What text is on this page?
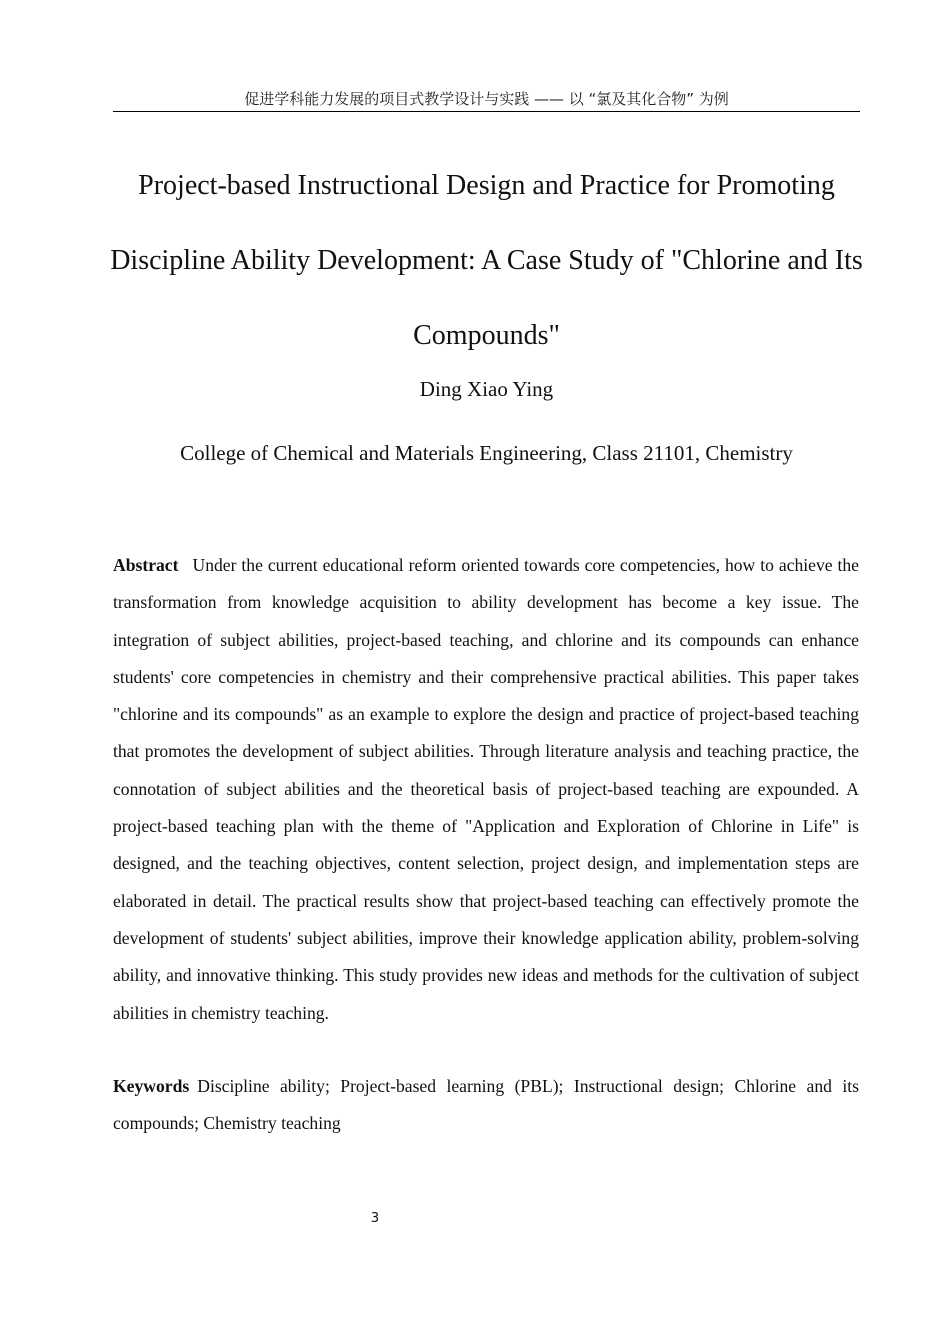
促进学科能力发展的项目式教学设计与实践 —— 以 “氯及其化合物” 为例
Project-based Instructional Design and Practice for Promoting Discipline Ability Development: A Case Study of "Chlorine and Its Compounds"
Ding Xiao Ying
College of Chemical and Materials Engineering, Class 21101, Chemistry

Abstract Under the current educational reform oriented towards core competencies, how to achieve the transformation from knowledge acquisition to ability development has become a key issue. The integration of subject abilities, project-based teaching, and chlorine and its compounds can enhance students' core competencies in chemistry and their comprehensive practical abilities. This paper takes "chlorine and its compounds" as an example to explore the design and practice of project-based teaching that promotes the development of subject abilities. Through literature analysis and teaching practice, the connotation of subject abilities and the theoretical basis of project-based teaching are expounded. A project-based teaching plan with the theme of "Application and Exploration of Chlorine in Life" is designed, and the teaching objectives, content selection, project design, and implementation steps are elaborated in detail. The practical results show that project-based teaching can effectively promote the development of students' subject abilities, improve their knowledge application ability, problem-solving ability, and innovative thinking. This study provides new ideas and methods for the cultivation of subject abilities in chemistry teaching.

Keywords Discipline ability; Project-based learning (PBL); Instructional design; Chlorine and its compounds; Chemistry teaching

3
